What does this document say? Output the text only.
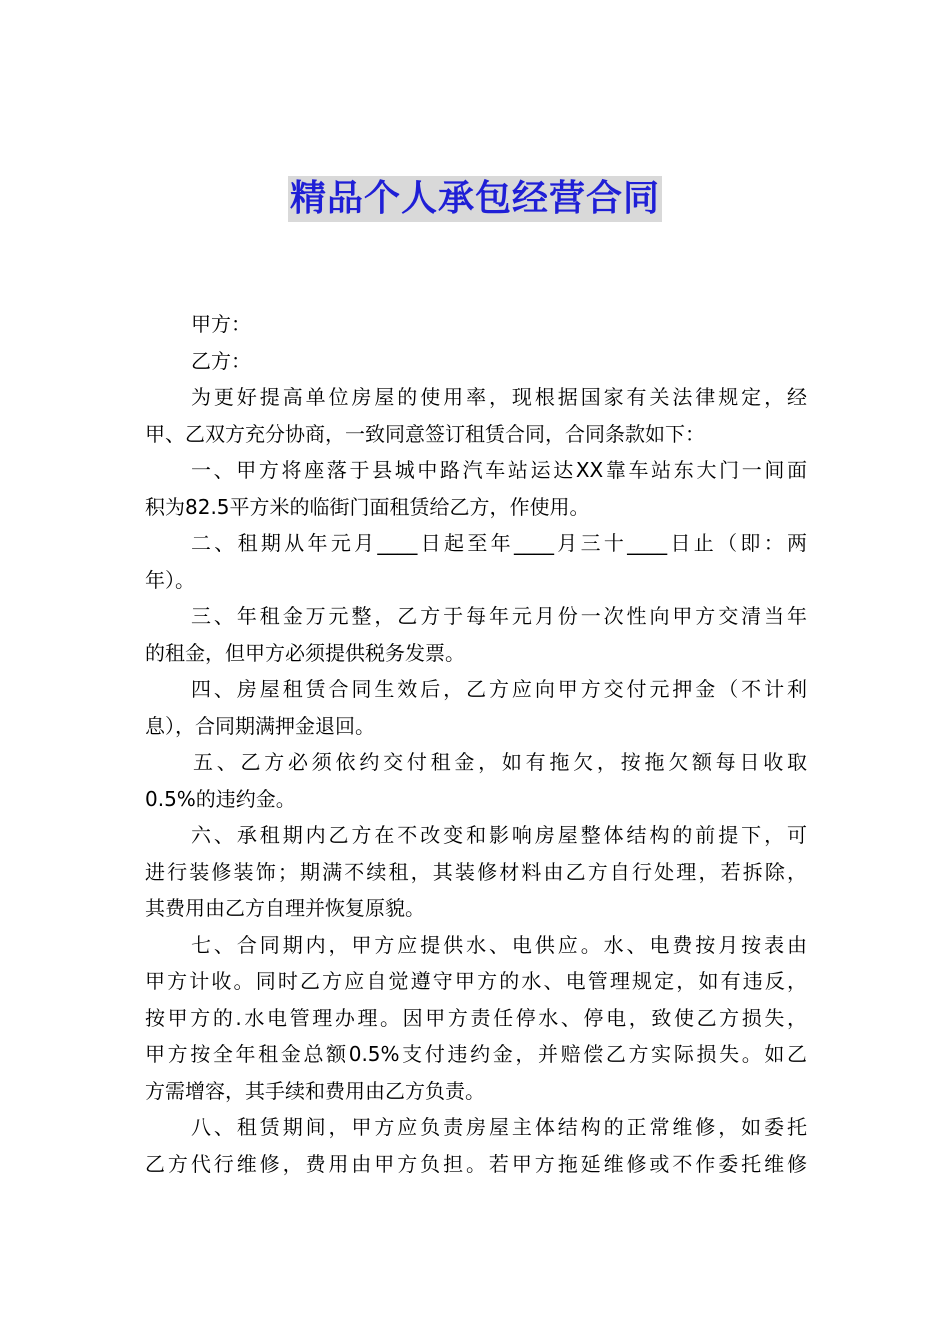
精品个人承包经营合同
甲方：
乙方：
为更好提高单位房屋的使用率，现根据国家有关法律规定，经
甲、乙双方充分协商，一致同意签订租赁合同，合同条款如下：
一、甲方将座落于县城中路汽车站运达XX靠车站东大门一间面
积为82.5平方米的临街门面租赁给乙方，作使用。
二、租期从年元月____日起至年____月三十____日止（即：两
年）。
三、年租金万元整，乙方于每年元月份一次性向甲方交清当年
的租金，但甲方必须提供税务发票。
四、房屋租赁合同生效后，乙方应向甲方交付元押金（不计利
息），合同期满押金退回。
五、乙方必须依约交付租金，如有拖欠，按拖欠额每日收取
0.5%的违约金。
六、承租期内乙方在不改变和影响房屋整体结构的前提下，可
进行装修装饰；期满不续租，其装修材料由乙方自行处理，若拆除，
其费用由乙方自理并恢复原貌。
七、合同期内，甲方应提供水、电供应。水、电费按月按表由
甲方计收。同时乙方应自觉遵守甲方的水、电管理规定，如有违反，
按甲方的.水电管理办理。因甲方责任停水、停电，致使乙方损失，
甲方按全年租金总额0.5%支付违约金，并赔偿乙方实际损失。如乙
方需增容，其手续和费用由乙方负责。
八、租赁期间，甲方应负责房屋主体结构的正常维修，如委托
乙方代行维修，费用由甲方负担。若甲方拖延维修或不作委托维修
